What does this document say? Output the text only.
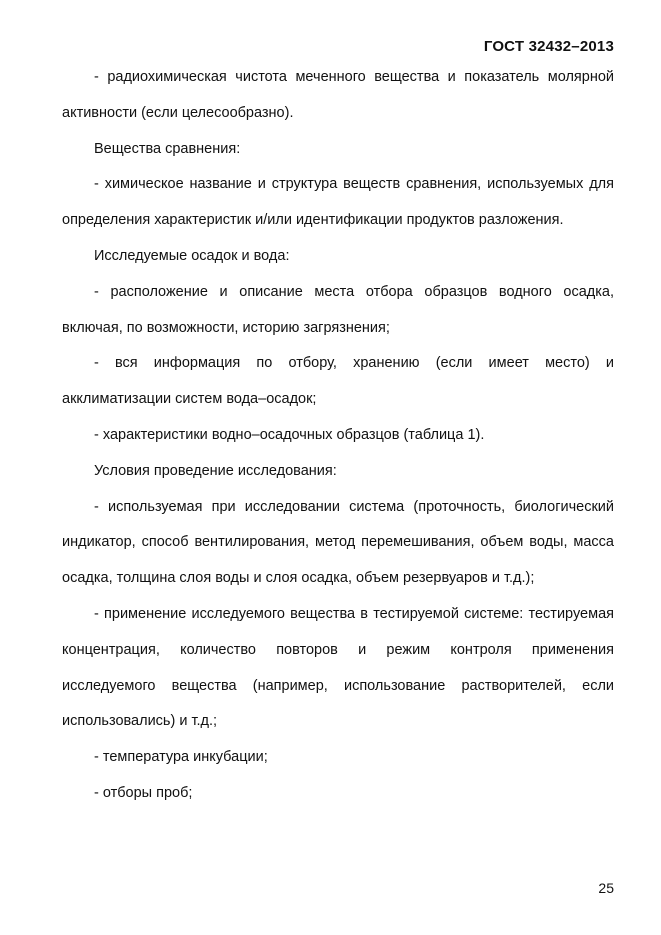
ГОСТ 32432–2013

- радиохимическая чистота меченного вещества и показатель молярной активности (если целесообразно).

Вещества сравнения:

- химическое название и структура веществ сравнения, используемых для определения характеристик и/или идентификации продуктов разложения.

Исследуемые осадок и вода:

- расположение и описание места отбора образцов водного осадка, включая, по возможности, историю загрязнения;

- вся информация по отбору, хранению (если имеет место) и акклиматизации систем вода–осадок;

- характеристики водно–осадочных образцов (таблица 1).

Условия проведение исследования:

- используемая при исследовании система (проточность, биологический индикатор, способ вентилирования, метод перемешивания, объем воды, масса осадка, толщина слоя воды и слоя осадка, объем резервуаров и т.д.);

- применение исследуемого вещества в тестируемой системе: тестируемая концентрация, количество повторов и режим контроля применения исследуемого вещества (например, использование растворителей, если использовались) и т.д.;

- температура инкубации;

- отборы проб;

25
